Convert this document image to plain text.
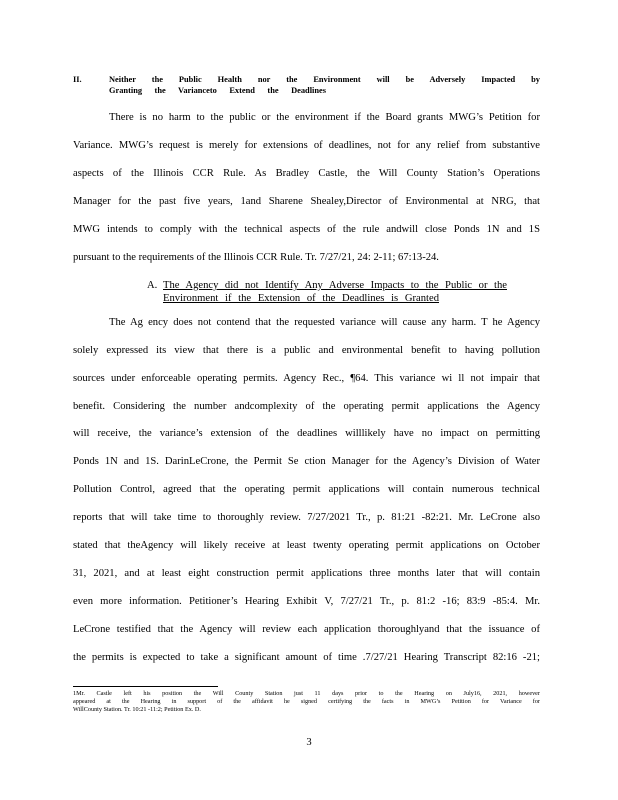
II.	Neither the Public Health nor the Environment will be Adversely Impacted by
Granting the Varianceto Extend the Deadlines
There is no harm to the public or the environment if the Board grants MWG’s Petition for
Variance. MWG’s request is merely for extensions of deadlines, not for any relief from substantive
aspects of the Illinois CCR Rule. As Bradley Castle, the Will County Station’s Operations
Manager for the past five years, 1and Sharene Shealey,Director of Environmental at NRG, that
MWG intends to comply with the technical aspects of the rule andwill close Ponds 1N and 1S
pursuant to the requirements of the Illinois CCR Rule. Tr. 7/27/21, 24: 2-11; 67:13-24.
A. The Agency did not Identify Any Adverse Impacts to the Public or the
Environment if the Extension of the Deadlines is Granted
The Ag ency does not contend that the requested variance will cause any harm. T he Agency
solely expressed its view that there is a public and environmental benefit to having pollution
sources under enforceable operating permits. Agency Rec., ¶64. This variance wi ll not impair that
benefit. Considering the number andcomplexity of the operating permit applications the Agency
will receive, the variance’s extension of the deadlines willlikely have no impact on permitting
Ponds 1N and 1S. DarinLeCrone, the Permit Se ction Manager for the Agency’s Division of Water
Pollution Control, agreed that the operating permit applications will contain numerous technical
reports that will take time to thoroughly review. 7/27/2021 Tr., p. 81:21 -82:21. Mr. LeCrone also
stated that theAgency will likely receive at least twenty operating permit applications on October
31, 2021, and at least eight construction permit applications three months later that will contain
even more information. Petitioner’s Hearing Exhibit V, 7/27/21 Tr., p. 81:2 -16; 83:9 -85:4. Mr.
LeCrone testified that the Agency will review each application thoroughlyand that the issuance of
the permits is expected to take a significant amount of time .7/27/21 Hearing Transcript 82:16 -21;
1Mr. Castle left his position the Will County Station just 11 days prior to the Hearing on July16, 2021, however
appeared at the Hearing in support of the affidavit he signed certifying the facts in MWG’s Petition for Variance for
WillCounty Station. Tr. 10:21 -11:2; Petition Ex. D.
3
